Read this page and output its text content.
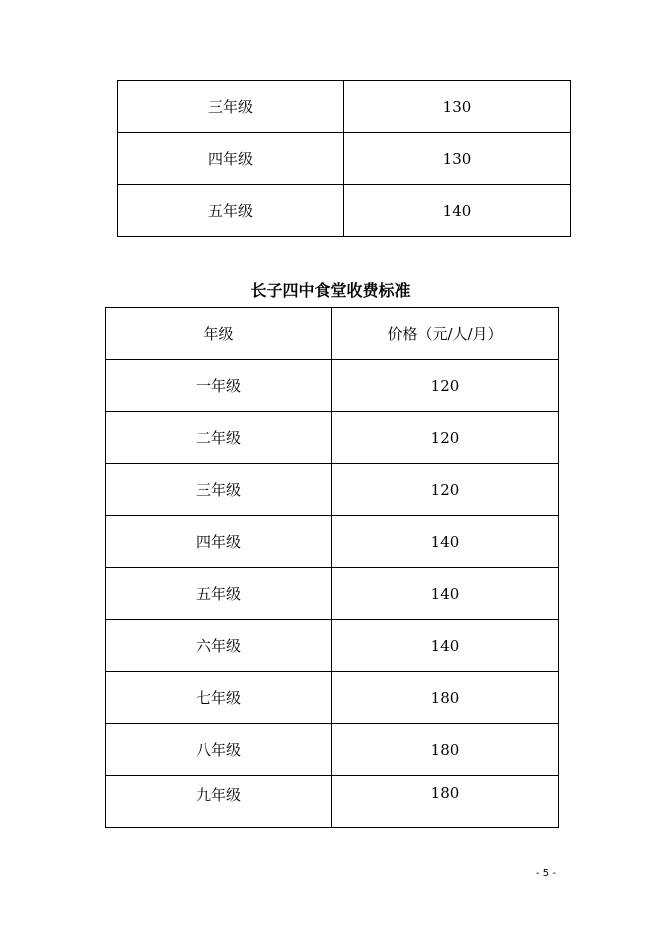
三年级	130
四年级	130
五年级	140
长子四中食堂收费标准
年级	价格（元/人/月）
一年级	120
二年级	120
三年级	120
四年级	140
五年级	140
六年级	140
七年级	180
八年级	180
九年级	180
- 5 -
